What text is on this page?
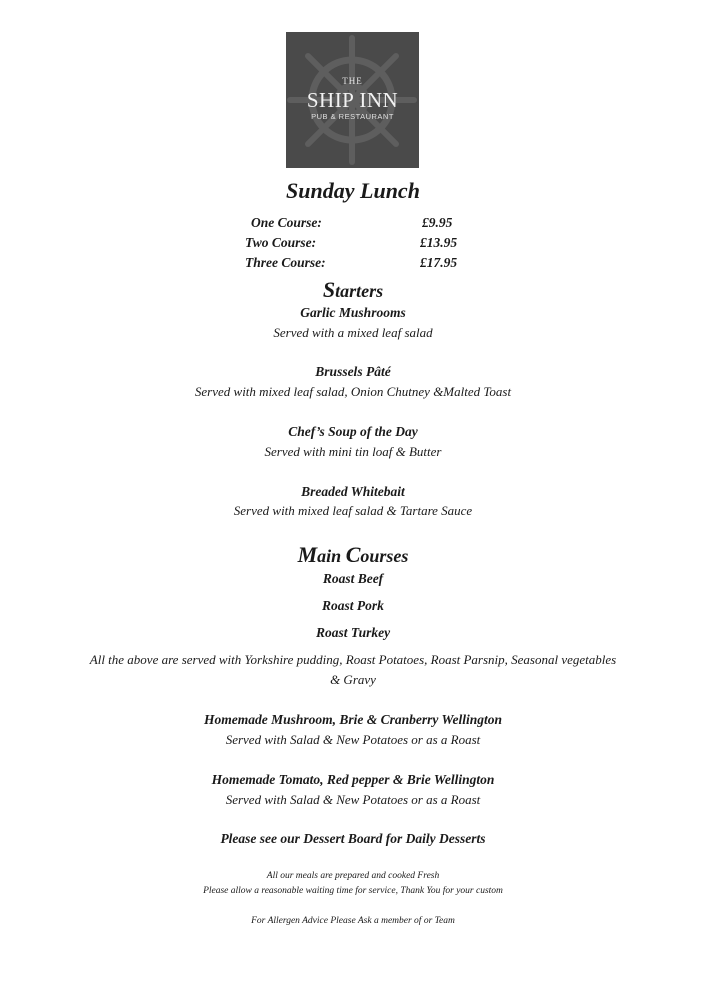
THE
SHIP INN
PUB & RESTAURANT
Sunday Lunch
One Course:	£9.95
Two Course:	£13.95
Three Course:	£17.95
Starters
Garlic Mushrooms
Served with a mixed leaf salad
Brussels Pâté
Served with mixed leaf salad, Onion Chutney &Malted Toast
Chef’s Soup of the Day
Served with mini tin loaf & Butter
Breaded Whitebait
Served with mixed leaf salad & Tartare Sauce
Main Courses
Roast Beef
Roast Pork
Roast Turkey
All the above are served with Yorkshire pudding, Roast Potatoes, Roast Parsnip, Seasonal vegetables
& Gravy
Homemade Mushroom, Brie & Cranberry Wellington
Served with Salad & New Potatoes or as a Roast
Homemade Tomato, Red pepper & Brie Wellington
Served with Salad & New Potatoes or as a Roast
Please see our Dessert Board for Daily Desserts
All our meals are prepared and cooked Fresh
Please allow a reasonable waiting time for service, Thank You for your custom
For Allergen Advice Please Ask a member of or Team
